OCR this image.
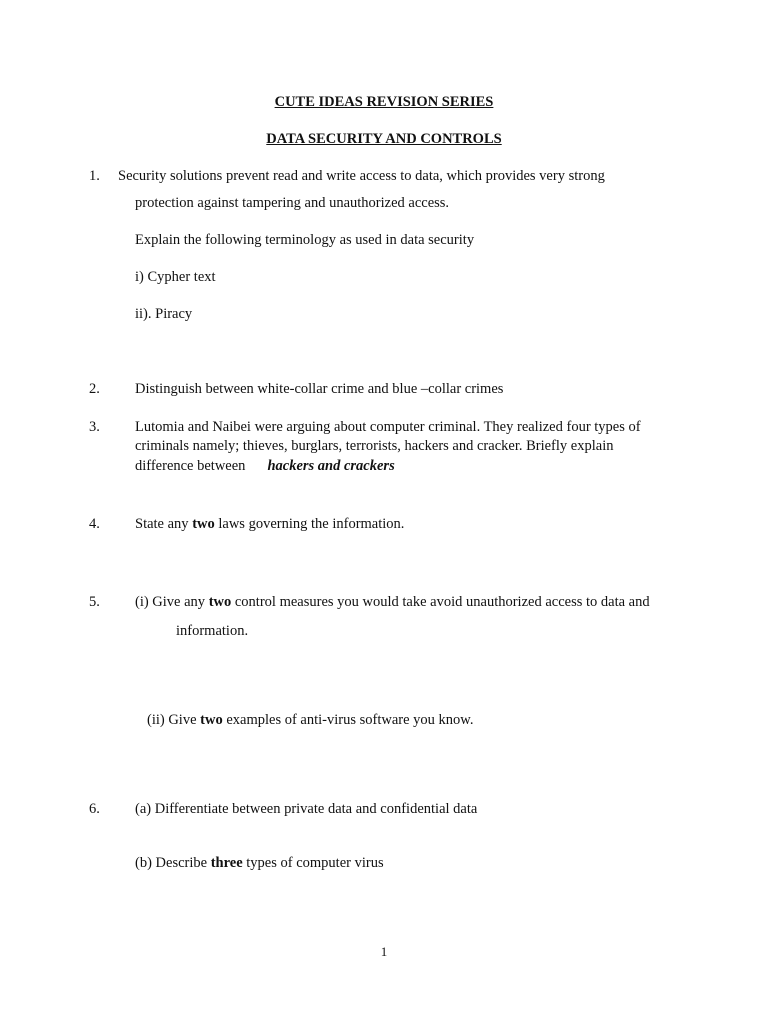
CUTE IDEAS REVISION SERIES
DATA SECURITY AND CONTROLS
1. Security solutions prevent read and write access to data, which provides very strong
protection against tampering and unauthorized access.
Explain the following terminology as used in data security
i) Cypher text
ii). Piracy
2. Distinguish between white-collar crime and blue –collar crimes
3. Lutomia and Naibei were arguing about computer criminal. They realized four types of
criminals namely; thieves, burglars, terrorists, hackers and cracker. Briefly explain
difference between hackers and crackers
4. State any two laws governing the information.
5. (i) Give any two control measures you would take avoid unauthorized access to data and
information.
(ii) Give two examples of anti-virus software you know.
6. (a) Differentiate between private data and confidential data
(b) Describe three types of computer virus
1
